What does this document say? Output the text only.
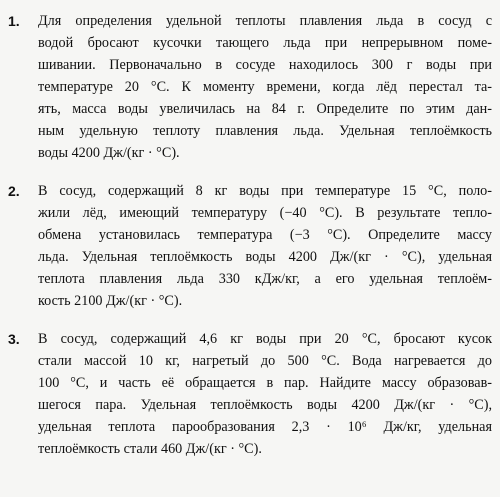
1.	Для определения удельной теплоты плавления льда в сосуд с
водой бросают кусочки тающего льда при непрерывном поме-
шивании. Первоначально в сосуде находилось 300 г воды при
температуре 20 °С. К моменту времени, когда лёд перестал та-
ять, масса воды увеличилась на 84 г. Определите по этим дан-
ным удельную теплоту плавления льда. Удельная теплоёмкость
воды 4200 Дж/(кг · °С).
2.	В сосуд, содержащий 8 кг воды при температуре 15 °С, поло-
жили лёд, имеющий температуру (−40 °С). В результате тепло-
обмена установилась температура (−3 °С). Определите массу
льда. Удельная теплоёмкость воды 4200 Дж/(кг · °С), удельная
теплота плавления льда 330 кДж/кг, а его удельная теплоём-
кость 2100 Дж/(кг · °С).
3.	В сосуд, содержащий 4,6 кг воды при 20 °С, бросают кусок
стали массой 10 кг, нагретый до 500 °С. Вода нагревается до
100 °С, и часть её обращается в пар. Найдите массу образовав-
шегося пара. Удельная теплоёмкость воды 4200 Дж/(кг · °С),
удельная теплота парообразования 2,3 · 10⁶ Дж/кг, удельная
теплоёмкость стали 460 Дж/(кг · °С).
